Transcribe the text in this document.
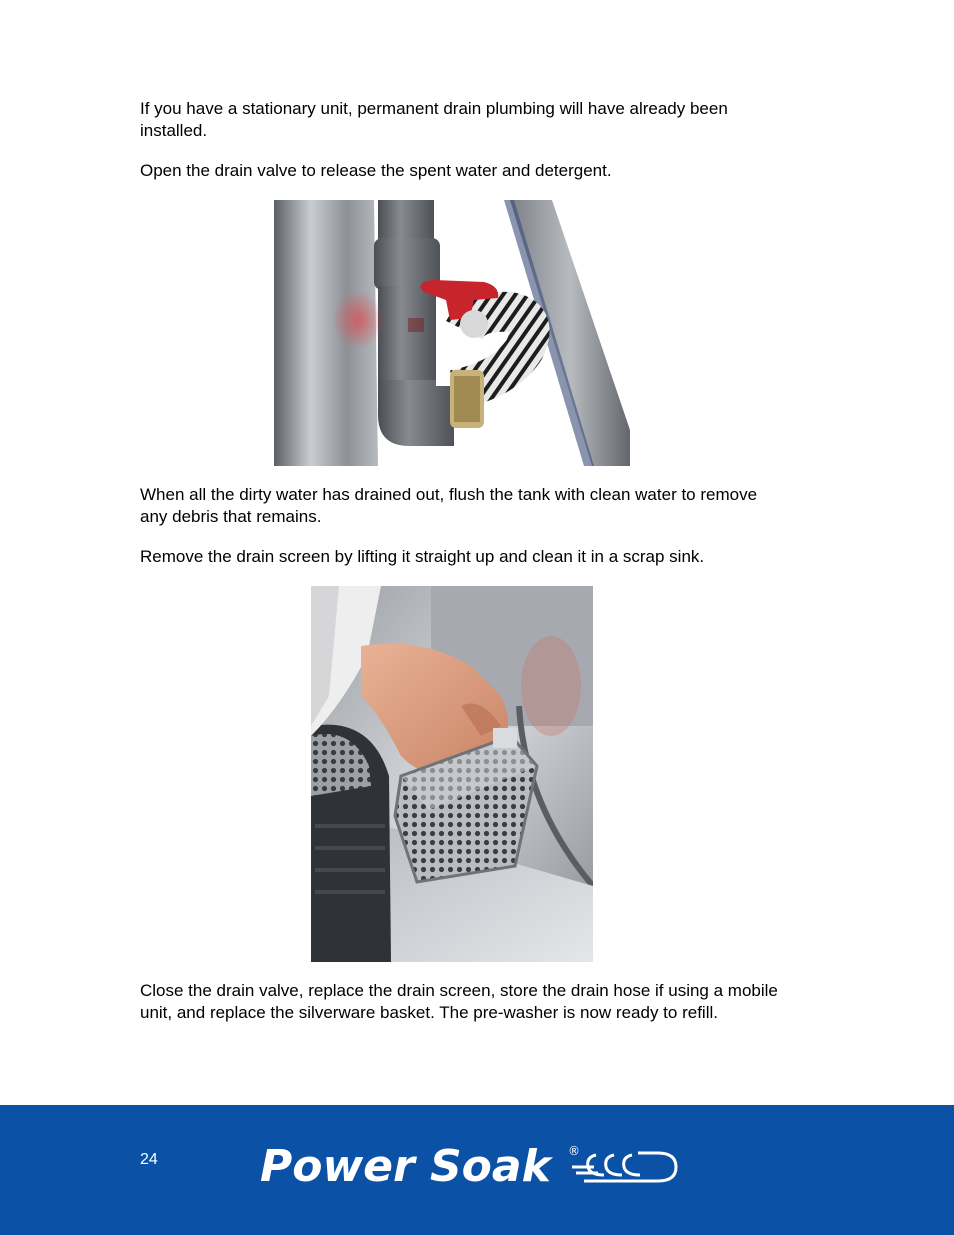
If you have a stationary unit, permanent drain plumbing will have already been installed.

Open the drain valve to release the spent water and detergent.

When all the dirty water has drained out, flush the tank with clean water to remove any debris that remains.

Remove the drain screen by lifting it straight up and clean it in a scrap sink.

Close the drain valve, replace the drain screen, store the drain hose if using a mobile unit, and replace the silverware basket. The pre-washer is now ready to refill.

24 Power Soak ®
